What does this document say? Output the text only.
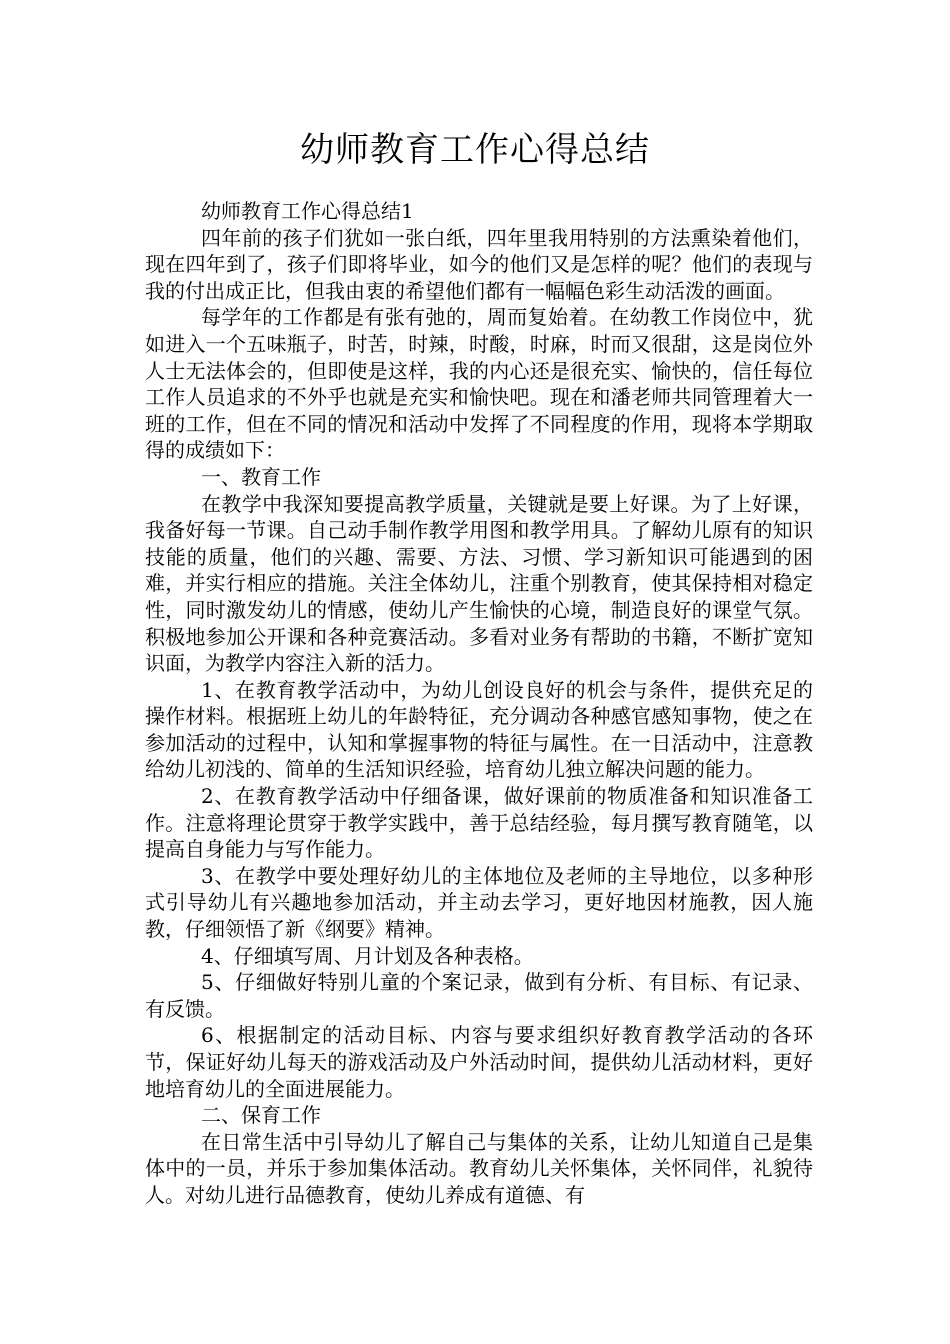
幼师教育工作心得总结

幼师教育工作心得总结1

四年前的孩子们犹如一张白纸，四年里我用特别的方法熏染着他们，现在四年到了，孩子们即将毕业，如今的他们又是怎样的呢？他们的表现与我的付出成正比，但我由衷的希望他们都有一幅幅色彩生动活泼的画面。

每学年的工作都是有张有弛的，周而复始着。在幼教工作岗位中，犹如进入一个五味瓶子，时苦，时辣，时酸，时麻，时而又很甜，这是岗位外人士无法体会的，但即使是这样，我的内心还是很充实、愉快的，信任每位工作人员追求的不外乎也就是充实和愉快吧。现在和潘老师共同管理着大一班的工作，但在不同的情况和活动中发挥了不同程度的作用，现将本学期取得的成绩如下：

一、教育工作

在教学中我深知要提高教学质量，关键就是要上好课。为了上好课，我备好每一节课。自己动手制作教学用图和教学用具。了解幼儿原有的知识技能的质量，他们的兴趣、需要、方法、习惯、学习新知识可能遇到的困难，并实行相应的措施。关注全体幼儿，注重个别教育，使其保持相对稳定性，同时激发幼儿的情感，使幼儿产生愉快的心境，制造良好的课堂气氛。积极地参加公开课和各种竞赛活动。多看对业务有帮助的书籍，不断扩宽知识面，为教学内容注入新的活力。

1、在教育教学活动中，为幼儿创设良好的机会与条件，提供充足的操作材料。根据班上幼儿的年龄特征，充分调动各种感官感知事物，使之在参加活动的过程中，认知和掌握事物的特征与属性。在一日活动中，注意教给幼儿初浅的、简单的生活知识经验，培育幼儿独立解决问题的能力。

2、在教育教学活动中仔细备课，做好课前的物质准备和知识准备工作。注意将理论贯穿于教学实践中，善于总结经验，每月撰写教育随笔，以提高自身能力与写作能力。

3、在教学中要处理好幼儿的主体地位及老师的主导地位，以多种形式引导幼儿有兴趣地参加活动，并主动去学习，更好地因材施教，因人施教，仔细领悟了新《纲要》精神。

4、仔细填写周、月计划及各种表格。

5、仔细做好特别儿童的个案记录，做到有分析、有目标、有记录、有反馈。

6、根据制定的活动目标、内容与要求组织好教育教学活动的各环节，保证好幼儿每天的游戏活动及户外活动时间，提供幼儿活动材料，更好地培育幼儿的全面进展能力。

二、保育工作

在日常生活中引导幼儿了解自己与集体的关系，让幼儿知道自己是集体中的一员，并乐于参加集体活动。教育幼儿关怀集体，关怀同伴，礼貌待人。对幼儿进行品德教育，使幼儿养成有道德、有
